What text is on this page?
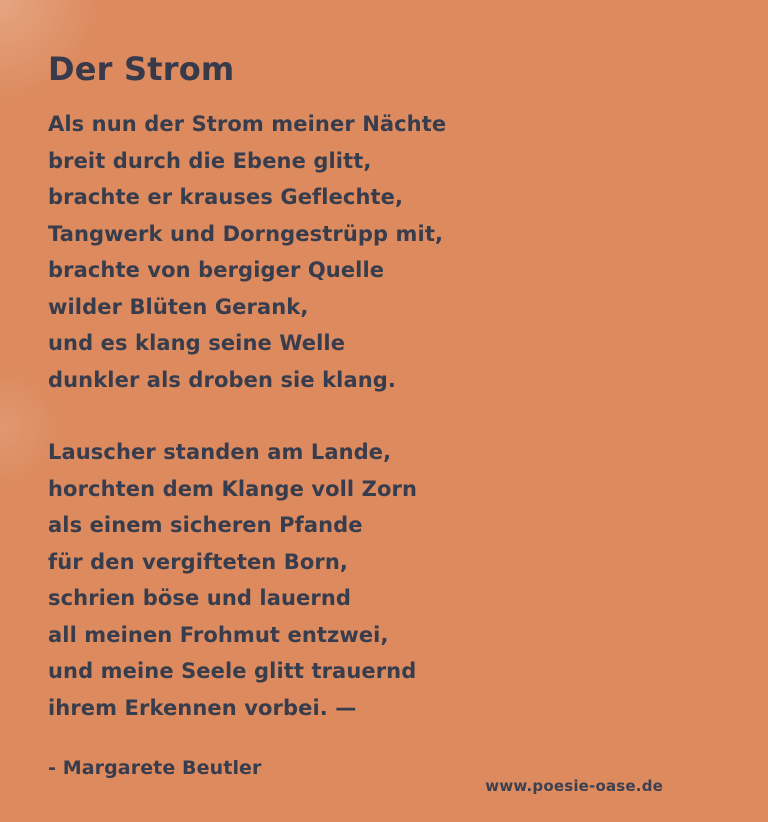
Der Strom

Als nun der Strom meiner Nächte

breit durch die Ebene glitt,

brachte er krauses Geflechte,

Tangwerk und Dorngestrüpp mit,

brachte von bergiger Quelle

wilder Blüten Gerank,

und es klang seine Welle

dunkler als droben sie klang.

Lauscher standen am Lande,

horchten dem Klange voll Zorn

als einem sicheren Pfande

für den vergifteten Born,

schrien böse und lauernd

all meinen Frohmut entzwei,

und meine Seele glitt trauernd

ihrem Erkennen vorbei. —

- Margarete Beutler
www.poesie-oase.de
